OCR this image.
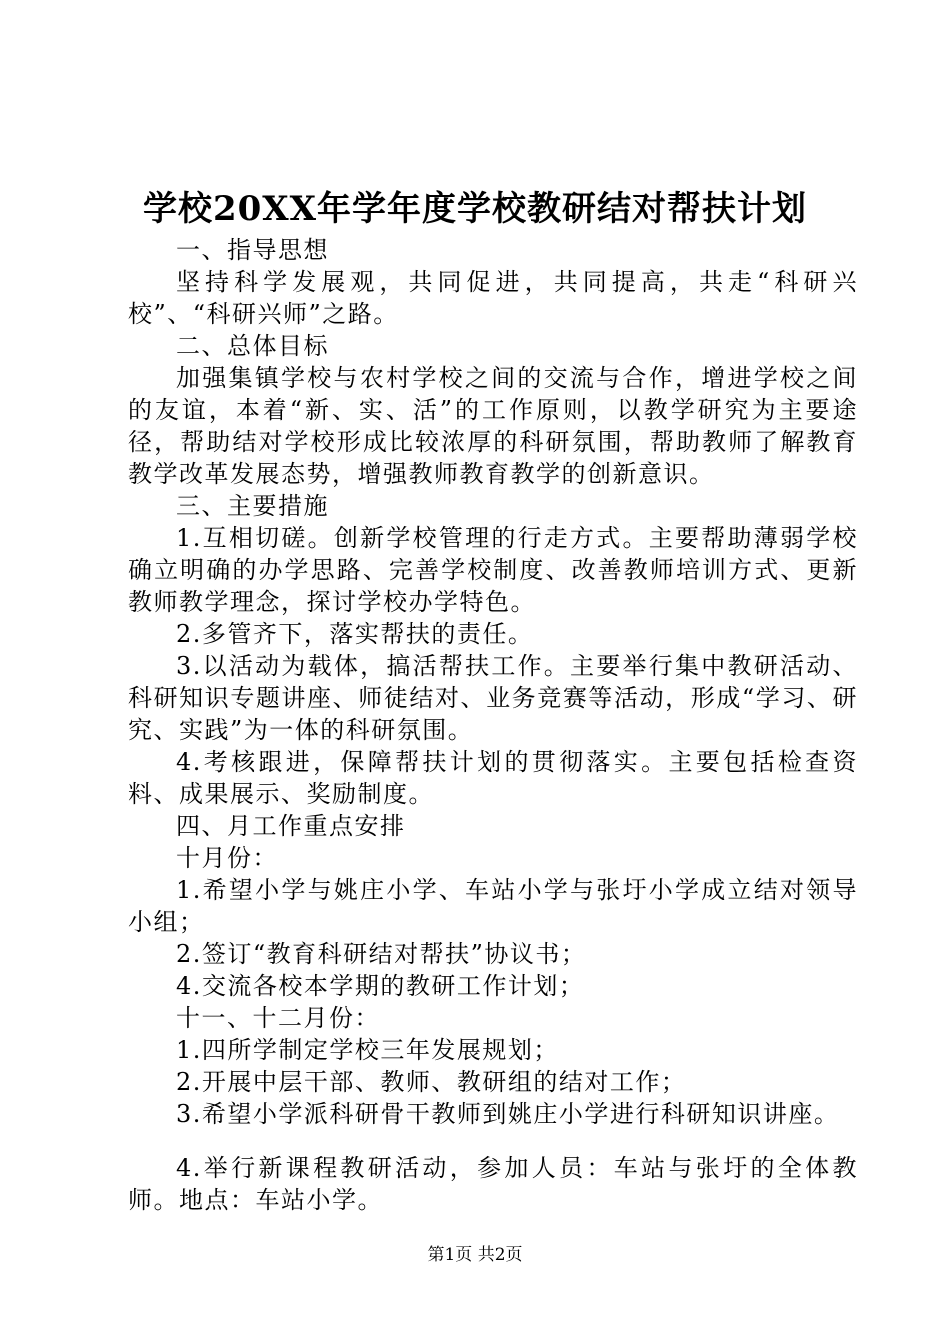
学校20XX年学年度学校教研结对帮扶计划

一、指导思想

坚持科学发展观，共同促进，共同提高，共走“科研兴校”、“科研兴师”之路。

二、总体目标

加强集镇学校与农村学校之间的交流与合作，增进学校之间的友谊，本着“新、实、活”的工作原则，以教学研究为主要途径，帮助结对学校形成比较浓厚的科研氛围，帮助教师了解教育教学改革发展态势，增强教师教育教学的创新意识。

三、主要措施

1.互相切磋。创新学校管理的行走方式。主要帮助薄弱学校确立明确的办学思路、完善学校制度、改善教师培训方式、更新教师教学理念，探讨学校办学特色。

2.多管齐下，落实帮扶的责任。

3.以活动为载体，搞活帮扶工作。主要举行集中教研活动、科研知识专题讲座、师徒结对、业务竞赛等活动，形成“学习、研究、实践”为一体的科研氛围。

4.考核跟进，保障帮扶计划的贯彻落实。主要包括检查资料、成果展示、奖励制度。

四、月工作重点安排

十月份：

1.希望小学与姚庄小学、车站小学与张圩小学成立结对领导小组；

2.签订“教育科研结对帮扶”协议书；

4.交流各校本学期的教研工作计划；

十一、十二月份：

1.四所学制定学校三年发展规划；

2.开展中层干部、教师、教研组的结对工作；

3.希望小学派科研骨干教师到姚庄小学进行科研知识讲座。

4.举行新课程教研活动，参加人员：车站与张圩的全体教师。地点：车站小学。

第1页 共2页
